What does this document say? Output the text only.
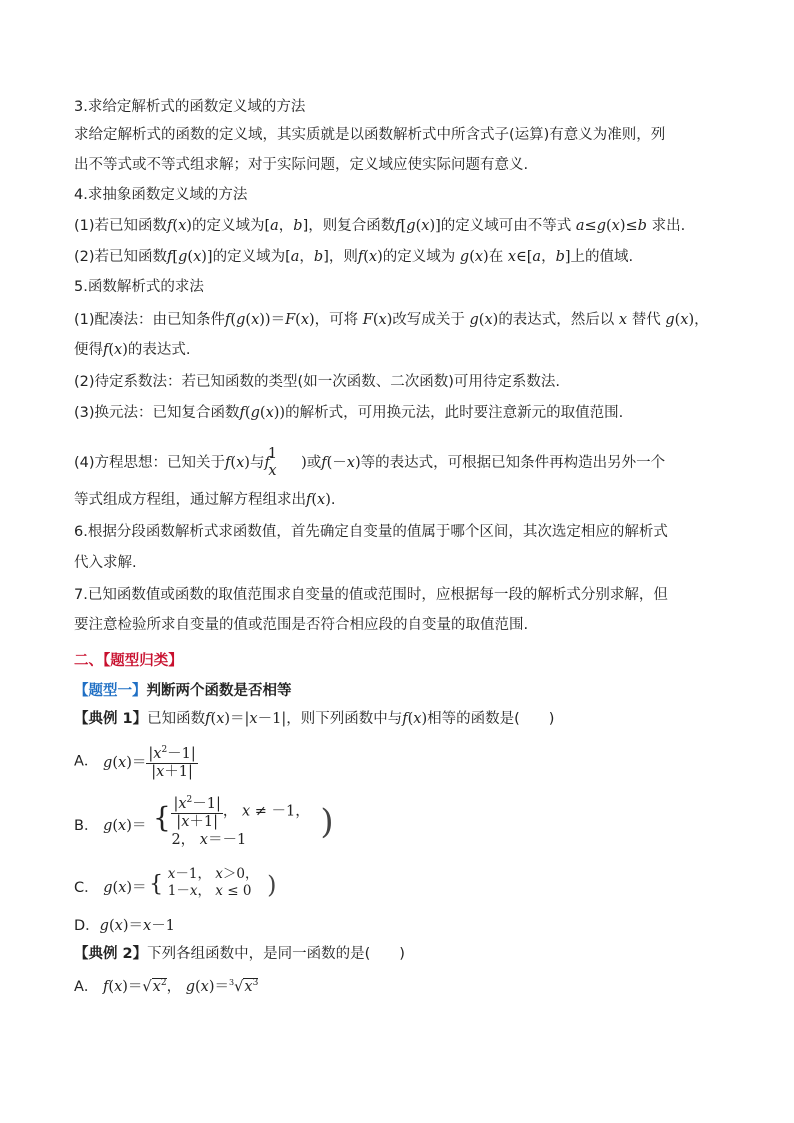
3.求给定解析式的函数定义域的方法
求给定解析式的函数的定义域，其实质就是以函数解析式中所含式子(运算)有意义为准则，列
出不等式或不等式组求解；对于实际问题，定义域应使实际问题有意义.
4.求抽象函数定义域的方法
(1)若已知函数f(x)的定义域为[a，b]，则复合函数f[g(x)]的定义域可由不等式 a≤g(x)≤b 求出.
(2)若已知函数f[g(x)]的定义域为[a，b]，则f(x)的定义域为 g(x)在 x∈[a，b]上的值域.
5.函数解析式的求法
(1)配凑法：由已知条件f(g(x))＝F(x)，可将 F(x)改写成关于 g(x)的表达式，然后以 x 替代 g(x)，
便得f(x)的表达式.
(2)待定系数法：若已知函数的类型(如一次函数、二次函数)可用待定系数法.
(3)换元法：已知复合函数f(g(x))的解析式，可用换元法，此时要注意新元的取值范围.
(4)方程思想：已知关于f(x)与f
1
x )或f(－x)等的表达式，可根据已知条件再构造出另外一个
等式组成方程组，通过解方程组求出f(x).
6.根据分段函数解析式求函数值，首先确定自变量的值属于哪个区间，其次选定相应的解析式
代入求解.
7.已知函数值或函数的取值范围求自变量的值或范围时，应根据每一段的解析式分别求解，但
要注意检验所求自变量的值或范围是否符合相应段的自变量的取值范围.
二、【题型归类】
【题型一】判断两个函数是否相等
【典例 1】已知函数f(x)＝|x－1|，则下列函数中与f(x)相等的函数是(　　)
A． $g(x)= \frac{|x^2-1|}{|x+1|}$
B． g(x)＝ { $\frac{|x^2-1|}{|x+1|}$ ， x ≠ －1，
2， x＝－1	)
C． g(x)＝ { x－1， x＞0，
1－x， x ≤ 0 )
D．g(x)＝x－1
【典例 2】下列各组函数中，是同一函数的是(　　)
A． $f(x)=√x^2$， $g(x)=^3√x^3$
